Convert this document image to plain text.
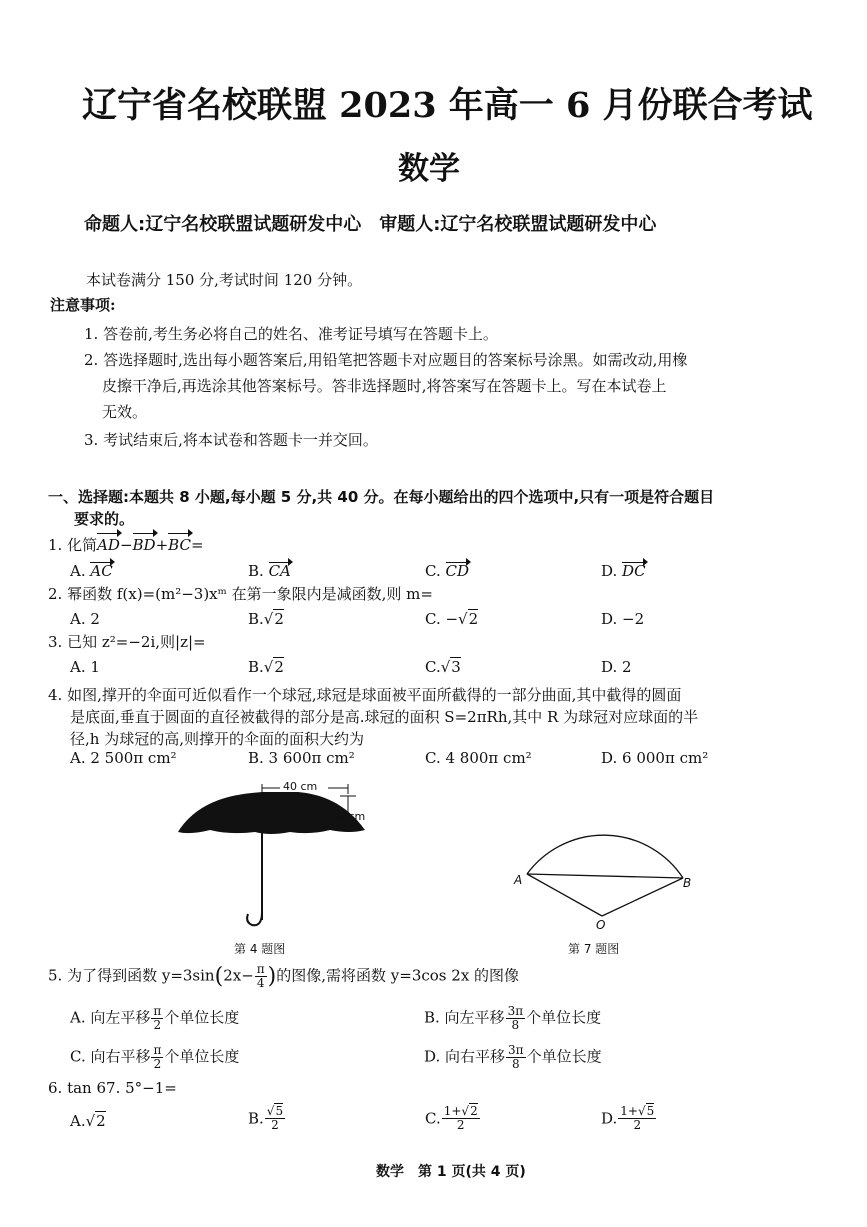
辽宁省名校联盟 2023 年高一 6 月份联合考试
数学
命题人:辽宁名校联盟试题研发中心　审题人:辽宁名校联盟试题研发中心
本试卷满分 150 分,考试时间 120 分钟。
注意事项:
1. 答卷前,考生务必将自己的姓名、准考证号填写在答题卡上。
2. 答选择题时,选出每小题答案后,用铅笔把答题卡对应题目的答案标号涂黑。如需改动,用橡
皮擦干净后,再选涂其他答案标号。答非选择题时,将答案写在答题卡上。写在本试卷上
无效。
3. 考试结束后,将本试卷和答题卡一并交回。
一、选择题:本题共 8 小题,每小题 5 分,共 40 分。在每小题给出的四个选项中,只有一项是符合题目
要求的。
1. 化简AD−BD+BC=
A. AC	B. CA	C. CD	D. DC
2. 幂函数 f(x)=(m²−3)xᵐ 在第一象限内是减函数,则 m=
A. 2	B.√2	C. −√2	D. −2
3. 已知 z²=−2i,则|z|=
A. 1	B.√2	C.√3	D. 2
4. 如图,撑开的伞面可近似看作一个球冠,球冠是球面被平面所截得的一部分曲面,其中截得的圆面
是底面,垂直于圆面的直径被截得的部分是高.球冠的面积 S=2πRh,其中 R 为球冠对应球面的半
径,h 为球冠的高,则撑开的伞面的面积大约为
A. 2 500π cm²	B. 3 600π cm²	C. 4 800π cm²	D. 6 000π cm²
40 cm
30 cm
第 4 题图
A	B
O
第 7 题图
5. 为了得到函数 $y=3\sin(2x- \frac{\pi}{4}$ )的图像,需将函数 y=3cos 2x 的图像
A. 向左平移 $\frac{\pi}{2}$ 个单位长度	B. 向左平移 $\frac{3\pi}{8}$ 个单位长度
C. 向右平移 $\frac{\pi}{2}$ 个单位长度	D. 向右平移 $\frac{3\pi}{8}$ 个单位长度
6. tan 67. 5°−1=
A.√2	B. $\frac{√5}{2}$	C. $\frac{1+√2}{2}$	D. $\frac{1+√5}{2}$
数学　第 1 页(共 4 页)
